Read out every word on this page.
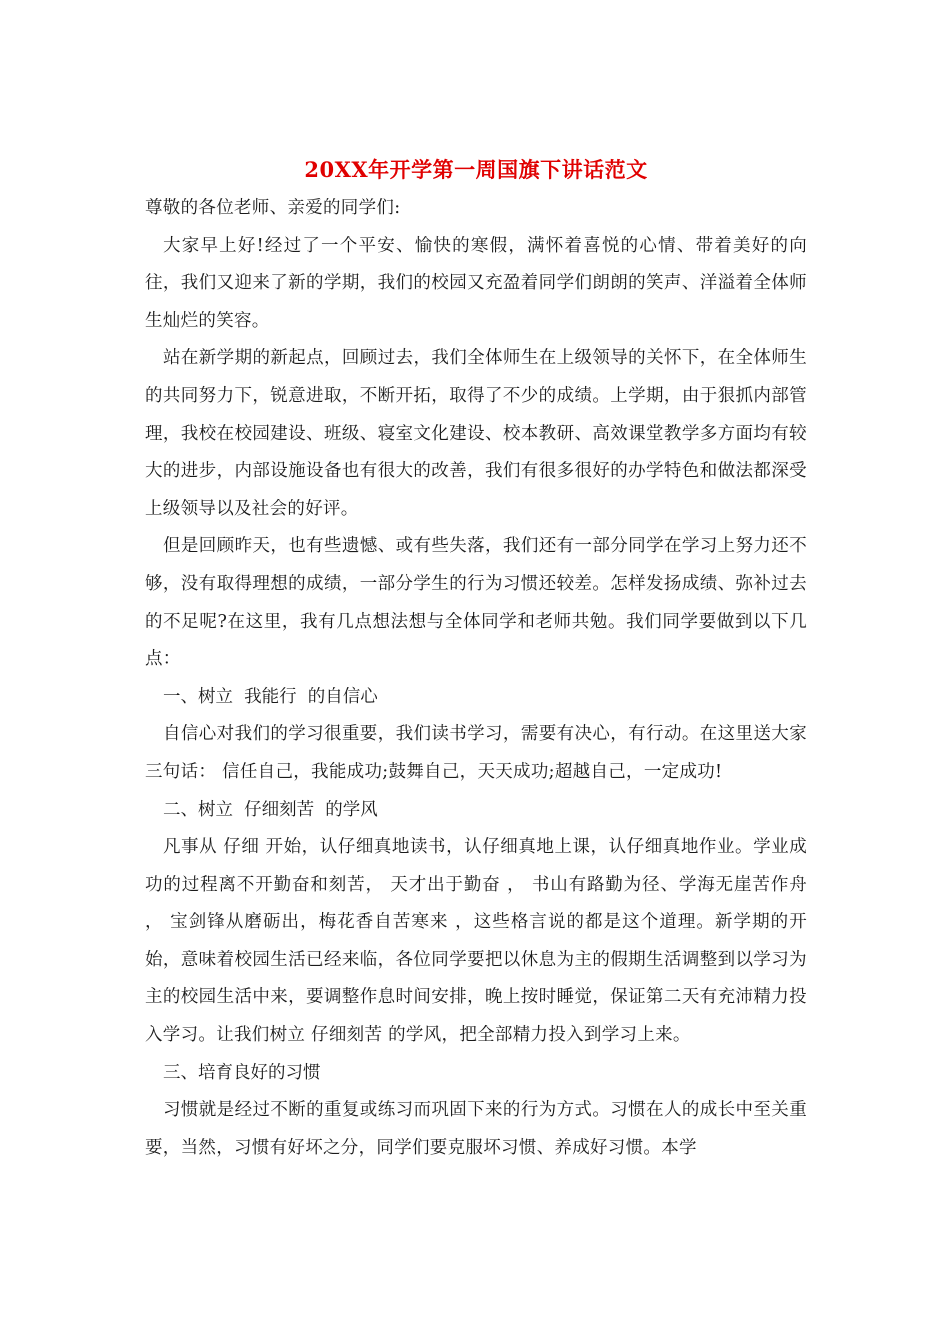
20XX年开学第一周国旗下讲话范文

尊敬的各位老师、亲爱的同学们:

大家早上好!经过了一个平安、愉快的寒假，满怀着喜悦的心情、带着美好的向往，我们又迎来了新的学期，我们的校园又充盈着同学们朗朗的笑声、洋溢着全体师生灿烂的笑容。

站在新学期的新起点，回顾过去，我们全体师生在上级领导的关怀下，在全体师生的共同努力下，锐意进取，不断开拓，取得了不少的成绩。上学期，由于狠抓内部管理，我校在校园建设、班级、寝室文化建设、校本教研、高效课堂教学多方面均有较大的进步，内部设施设备也有很大的改善，我们有很多很好的办学特色和做法都深受上级领导以及社会的好评。

但是回顾昨天，也有些遗憾、或有些失落，我们还有一部分同学在学习上努力还不够，没有取得理想的成绩，一部分学生的行为习惯还较差。怎样发扬成绩、弥补过去的不足呢?在这里，我有几点想法想与全体同学和老师共勉。我们同学要做到以下几点：

一、树立  我能行  的自信心

自信心对我们的学习很重要，我们读书学习，需要有决心，有行动。在这里送大家三句话： 信任自己，我能成功;鼓舞自己，天天成功;超越自己，一定成功!

二、树立  仔细刻苦  的学风

凡事从 仔细 开始，认仔细真地读书，认仔细真地上课，认仔细真地作业。学业成功的过程离不开勤奋和刻苦， 天才出于勤奋 ， 书山有路勤为径、学海无崖苦作舟 ， 宝剑锋从磨砺出，梅花香自苦寒来 ，这些格言说的都是这个道理。新学期的开始，意味着校园生活已经来临，各位同学要把以休息为主的假期生活调整到以学习为主的校园生活中来，要调整作息时间安排，晚上按时睡觉，保证第二天有充沛精力投入学习。让我们树立 仔细刻苦 的学风，把全部精力投入到学习上来。

三、培育良好的习惯

习惯就是经过不断的重复或练习而巩固下来的行为方式。习惯在人的成长中至关重要，当然，习惯有好坏之分，同学们要克服坏习惯、养成好习惯。本学
